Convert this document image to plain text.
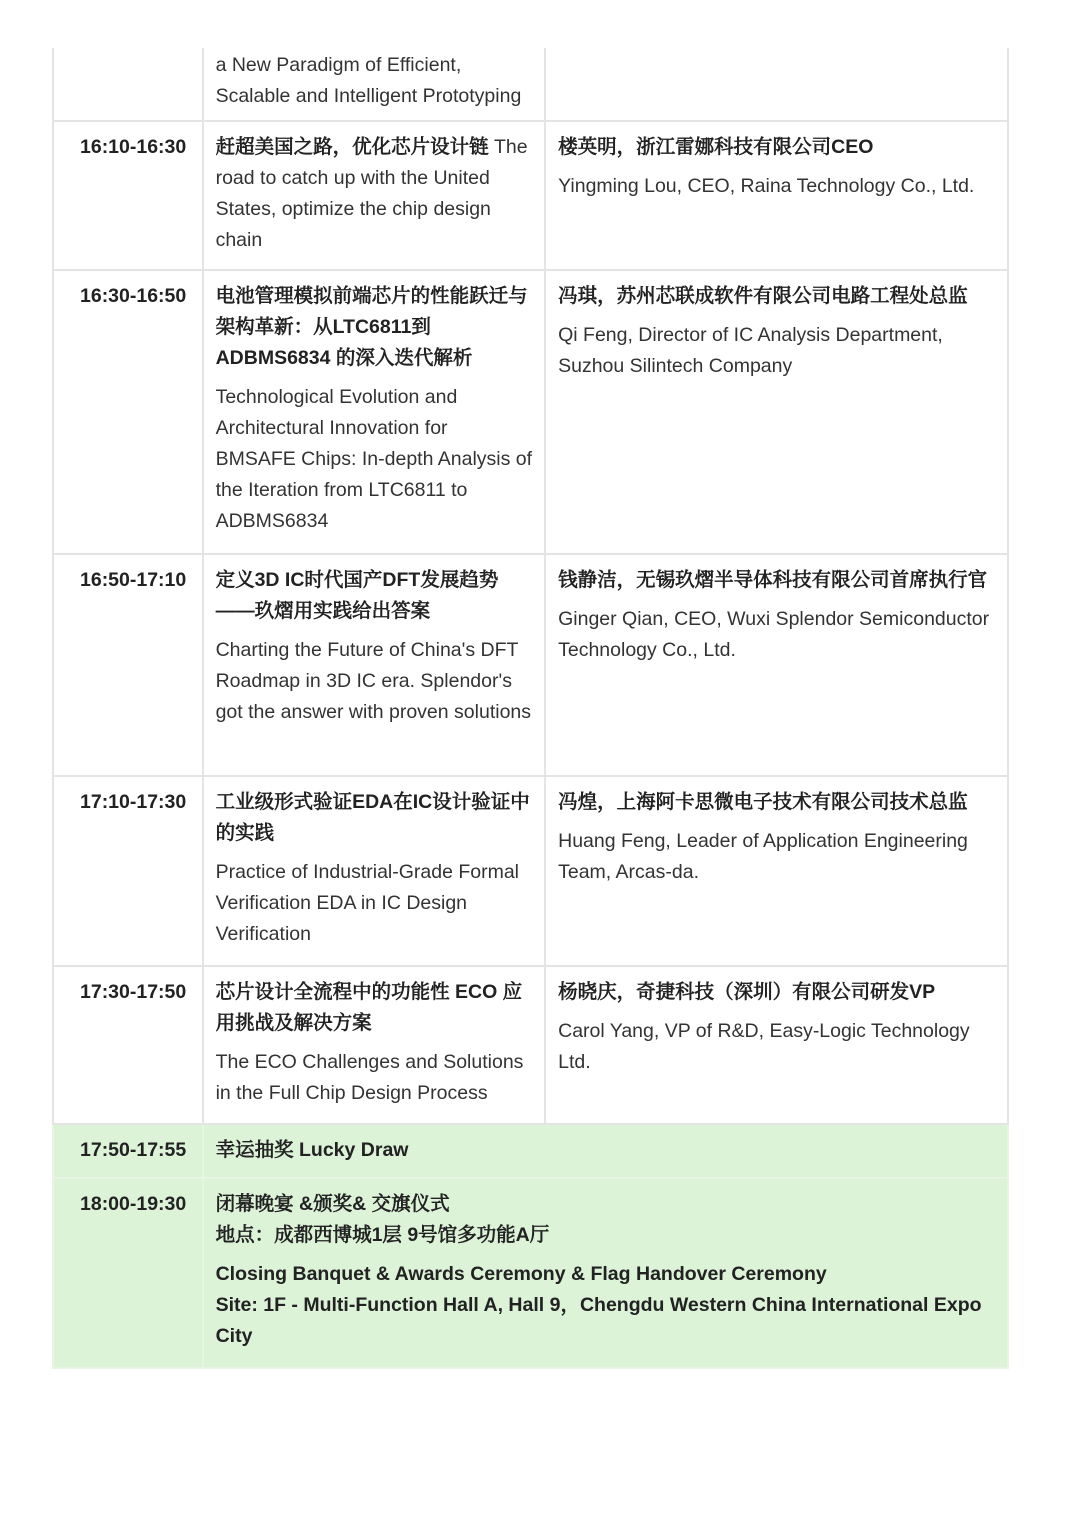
	a New Paradigm of Efficient, Scalable and Intelligent Prototyping	

16:10-16:30	赶超美国之路，优化芯片设计链 The road to catch up with the United States, optimize the chip design chain	楼英明，浙江雷娜科技有限公司CEO
Yingming Lou, CEO, Raina Technology Co., Ltd.

16:30-16:50	电池管理模拟前端芯片的性能跃迁与架构革新：从LTC6811到ADBMS6834 的深入迭代解析
Technological Evolution and Architectural Innovation for BMSAFE Chips: In-depth Analysis of the Iteration from LTC6811 to ADBMS6834	冯琪，苏州芯联成软件有限公司电路工程处总监
Qi Feng, Director of IC Analysis Department, Suzhou Silintech Company

16:50-17:10	定义3D IC时代国产DFT发展趋势——玖熠用实践给出答案
Charting the Future of China's DFT Roadmap in 3D IC era. Splendor's got the answer with proven solutions	钱静洁，无锡玖熠半导体科技有限公司首席执行官
Ginger Qian, CEO, Wuxi Splendor Semiconductor Technology Co., Ltd.

17:10-17:30	工业级形式验证EDA在IC设计验证中的实践
Practice of Industrial-Grade Formal Verification EDA in IC Design Verification	冯煌，上海阿卡思微电子技术有限公司技术总监
Huang Feng, Leader of Application Engineering Team, Arcas-da.

17:30-17:50	芯片设计全流程中的功能性 ECO 应用挑战及解决方案
The ECO Challenges and Solutions in the Full Chip Design Process	杨晓庆，奇捷科技（深圳）有限公司研发VP
Carol Yang, VP of R&D, Easy-Logic Technology Ltd.

17:50-17:55	幸运抽奖 Lucky Draw	

18:00-19:30	闭幕晚宴 &颁奖& 交旗仪式
地点：成都西博城1层 9号馆多功能A厅
Closing Banquet & Awards Ceremony & Flag Handover Ceremony
Site: 1F - Multi-Function Hall A, Hall 9，Chengdu Western China International Expo City	
